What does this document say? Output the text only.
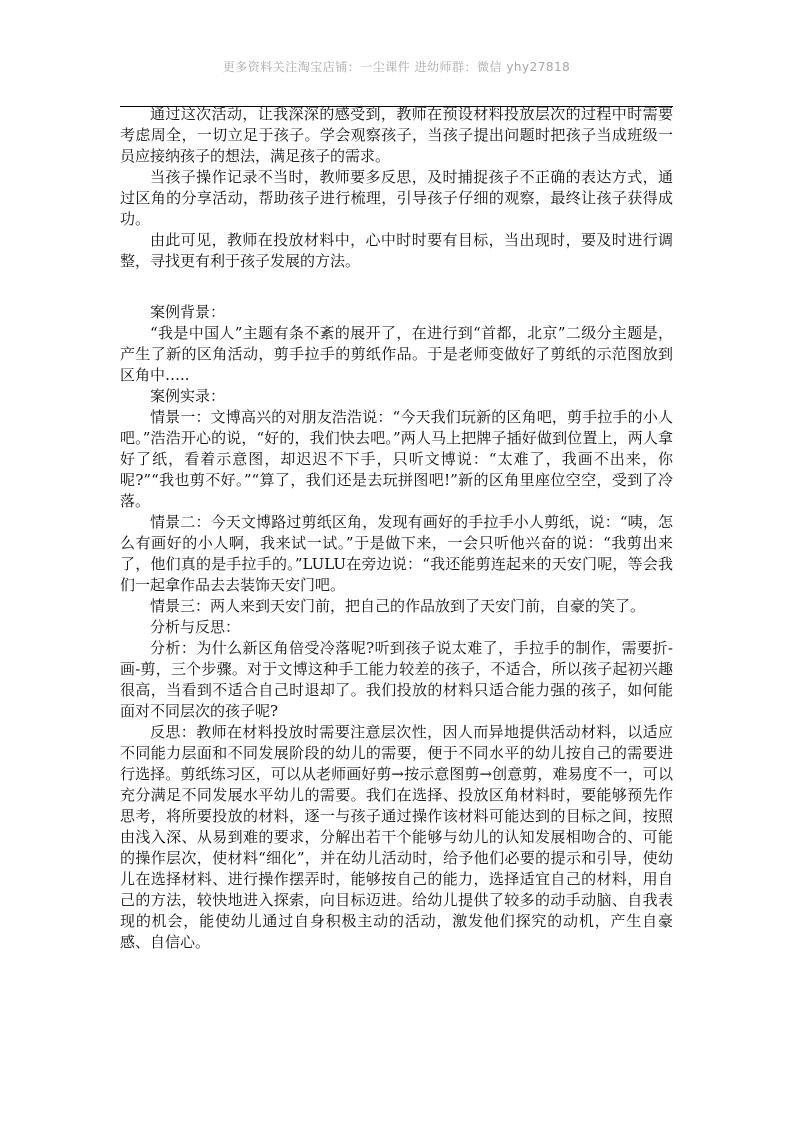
更多资料关注淘宝店铺：一尘课件 进幼师群：微信 yhy27818

通过这次活动，让我深深的感受到，教师在预设材料投放层次的过程中时需要考虑周全，一切立足于孩子。学会观察孩子，当孩子提出问题时把孩子当成班级一员应接纳孩子的想法，满足孩子的需求。

当孩子操作记录不当时，教师要多反思，及时捕捉孩子不正确的表达方式，通过区角的分享活动，帮助孩子进行梳理，引导孩子仔细的观察，最终让孩子获得成功。

由此可见，教师在投放材料中，心中时时要有目标，当出现时，要及时进行调整，寻找更有利于孩子发展的方法。

案例背景：

“我是中国人”主题有条不紊的展开了，在进行到“首都，北京”二级分主题是，产生了新的区角活动，剪手拉手的剪纸作品。于是老师变做好了剪纸的示范图放到区角中…..

案例实录：

情景一：文博高兴的对朋友浩浩说：“今天我们玩新的区角吧，剪手拉手的小人吧。”浩浩开心的说，“好的，我们快去吧。”两人马上把牌子插好做到位置上，两人拿好了纸，看着示意图，却迟迟不下手，只听文博说：“太难了，我画不出来，你呢?”“我也剪不好。”“算了，我们还是去玩拼图吧!”新的区角里座位空空，受到了冷落。

情景二：今天文博路过剪纸区角，发现有画好的手拉手小人剪纸，说：“咦，怎么有画好的小人啊，我来试一试。”于是做下来，一会只听他兴奋的说：“我剪出来了，他们真的是手拉手的。”LULU在旁边说：“我还能剪连起来的天安门呢，等会我们一起拿作品去去装饰天安门吧。

情景三：两人来到天安门前，把自己的作品放到了天安门前，自豪的笑了。

分析与反思：

分析：为什么新区角倍受冷落呢?听到孩子说太难了，手拉手的制作，需要折-画-剪，三个步骤。对于文博这种手工能力较差的孩子，不适合，所以孩子起初兴趣很高，当看到不适合自己时退却了。我们投放的材料只适合能力强的孩子，如何能面对不同层次的孩子呢?

反思：教师在材料投放时需要注意层次性，因人而异地提供活动材料，以适应不同能力层面和不同发展阶段的幼儿的需要，便于不同水平的幼儿按自己的需要进行选择。剪纸练习区，可以从老师画好剪→按示意图剪→创意剪，难易度不一，可以充分满足不同发展水平幼儿的需要。我们在选择、投放区角材料时，要能够预先作思考，将所要投放的材料，逐一与孩子通过操作该材料可能达到的目标之间，按照由浅入深、从易到难的要求，分解出若干个能够与幼儿的认知发展相吻合的、可能的操作层次，使材料“细化”，并在幼儿活动时，给予他们必要的提示和引导，使幼儿在选择材料、进行操作摆弄时，能够按自己的能力，选择适宜自己的材料，用自己的方法，较快地进入探索，向目标迈进。给幼儿提供了较多的动手动脑、自我表现的机会，能使幼儿通过自身积极主动的活动，激发他们探究的动机，产生自豪感、自信心。
